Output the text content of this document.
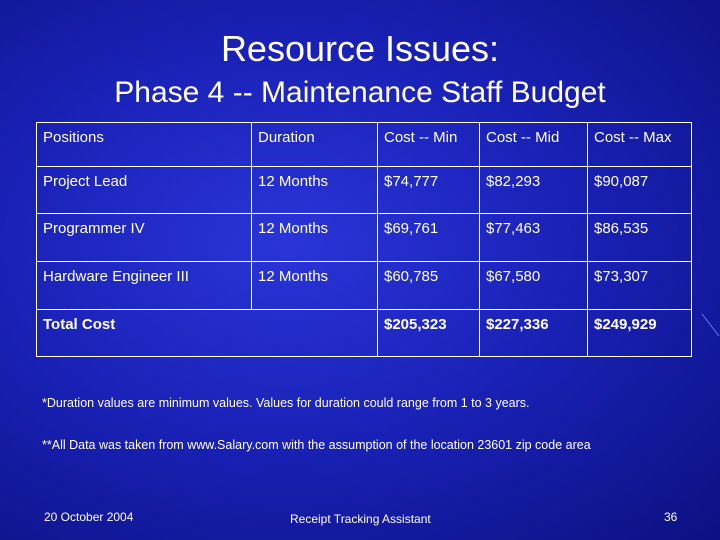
Resource Issues:
Phase 4 -- Maintenance Staff Budget
Positions	Duration	Cost -- Min	Cost -- Mid	Cost -- Max
Project Lead	12 Months	$74,777	$82,293	$90,087
Programmer IV	12 Months	$69,761	$77,463	$86,535
Hardware Engineer III	12 Months	$60,785	$67,580	$73,307
Total Cost		$205,323	$227,336	$249,929
*Duration values are minimum values. Values for duration could range from 1 to 3 years.
**All Data was taken from www.Salary.com with the assumption of the location 23601 zip code area
20 October 2004	Receipt Tracking Assistant	36
